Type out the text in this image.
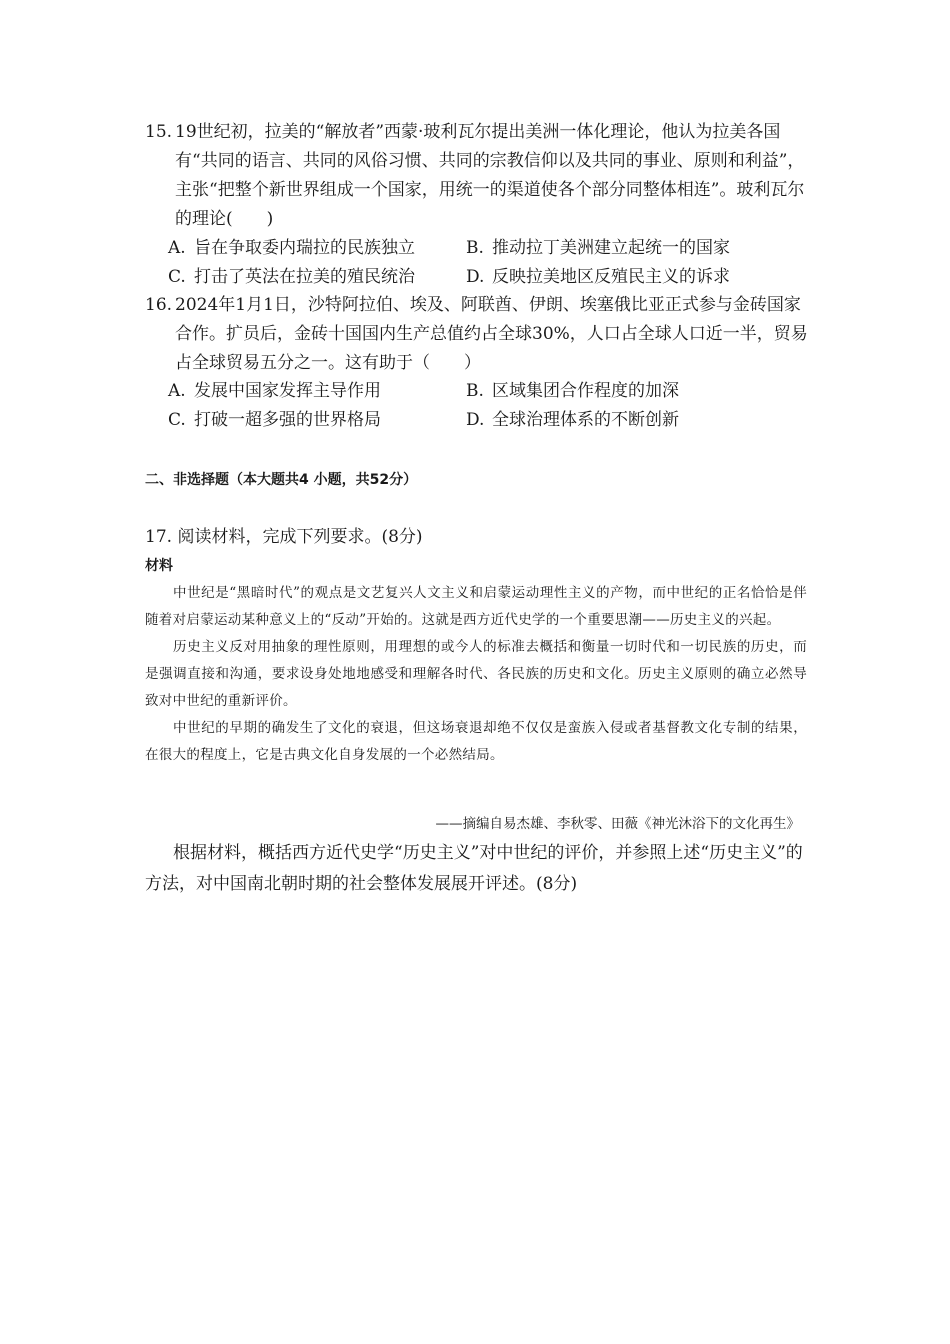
15. 19世纪初，拉美的“解放者”西蒙·玻利瓦尔提出美洲一体化理论，他认为拉美各国有“共同的语言、共同的风俗习惯、共同的宗教信仰以及共同的事业、原则和利益”，主张“把整个新世界组成一个国家，用统一的渠道使各个部分同整体相连”。玻利瓦尔的理论(　　)
A. 旨在争取委内瑞拉的民族独立	B. 推动拉丁美洲建立起统一的国家
C. 打击了英法在拉美的殖民统治	D. 反映拉美地区反殖民主义的诉求
16. 2024年1月1日，沙特阿拉伯、埃及、阿联酋、伊朗、埃塞俄比亚正式参与金砖国家合作。扩员后，金砖十国国内生产总值约占全球30%，人口占全球人口近一半，贸易占全球贸易五分之一。这有助于（　　）
A. 发展中国家发挥主导作用	B. 区域集团合作程度的加深
C. 打破一超多强的世界格局	D. 全球治理体系的不断创新
二、非选择题（本大题共4 小题，共52分）
17. 阅读材料，完成下列要求。(8分)
材料

中世纪是“黑暗时代”的观点是文艺复兴人文主义和启蒙运动理性主义的产物，而中世纪的正名恰恰是伴随着对启蒙运动某种意义上的“反动”开始的。这就是西方近代史学的一个重要思潮——历史主义的兴起。

历史主义反对用抽象的理性原则，用理想的或今人的标准去概括和衡量一切时代和一切民族的历史，而是强调直接和沟通，要求设身处地地感受和理解各时代、各民族的历史和文化。历史主义原则的确立必然导致对中世纪的重新评价。

中世纪的早期的确发生了文化的衰退，但这场衰退却绝不仅仅是蛮族入侵或者基督教文化专制的结果，在很大的程度上，它是古典文化自身发展的一个必然结局。

——摘编自易杰雄、李秋零、田薇《神光沐浴下的文化再生》

根据材料，概括西方近代史学“历史主义”对中世纪的评价，并参照上述“历史主义”的方法，对中国南北朝时期的社会整体发展展开评述。(8分)
